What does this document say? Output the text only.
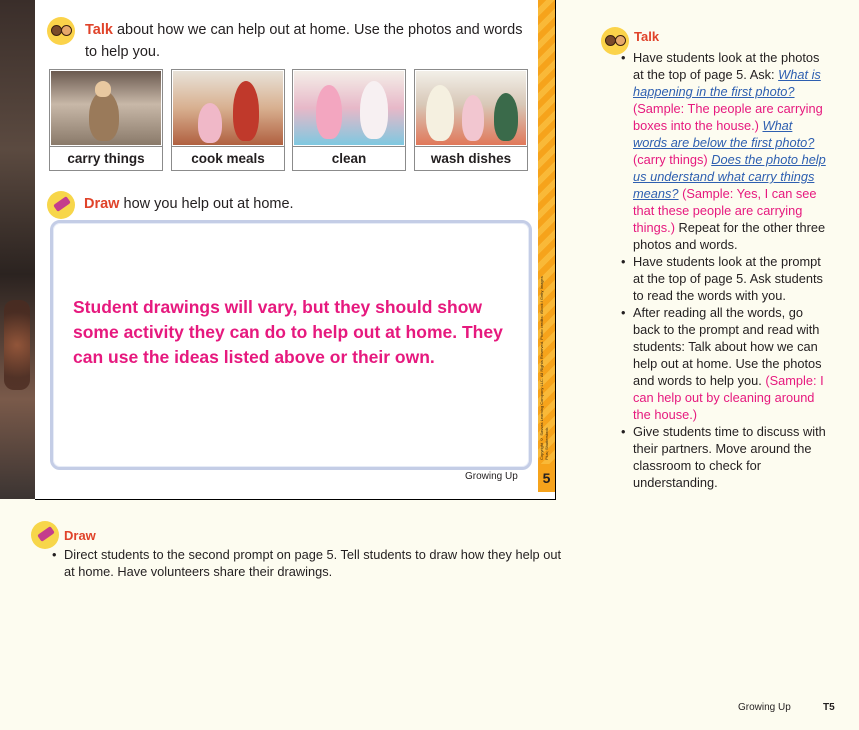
Talk about how we can help out at home. Use the photos and words to help you.
carry things	cook meals	clean	wash dishes
Draw how you help out at home.
Student drawings will vary, but they should show some activity they can do to help out at home. They can use the ideas listed above or their own.	Copyright © Savvas Learning Company LLC. All Rights Reserved. Photo credits: iStock / Getty Images Plus; Shutterstock.
5
Growing Up
Talk
• Have students look at the photos at the top of page 5. Ask: What is happening in the first photo? (Sample: The people are carrying boxes into the house.) What words are below the first photo? (carry things) Does the photo help us understand what carry things means? (Sample: Yes, I can see that these people are carrying things.) Repeat for the other three photos and words.
• Have students look at the prompt at the top of page 5. Ask students to read the words with you.
• After reading all the words, go back to the prompt and read with students: Talk about how we can help out at home. Use the photos and words to help you. (Sample: I can help out by cleaning around the house.)
• Give students time to discuss with their partners. Move around the classroom to check for understanding.
Draw
• Direct students to the second prompt on page 5. Tell students to draw how they help out at home. Have volunteers share their drawings.
Growing Up	T5
